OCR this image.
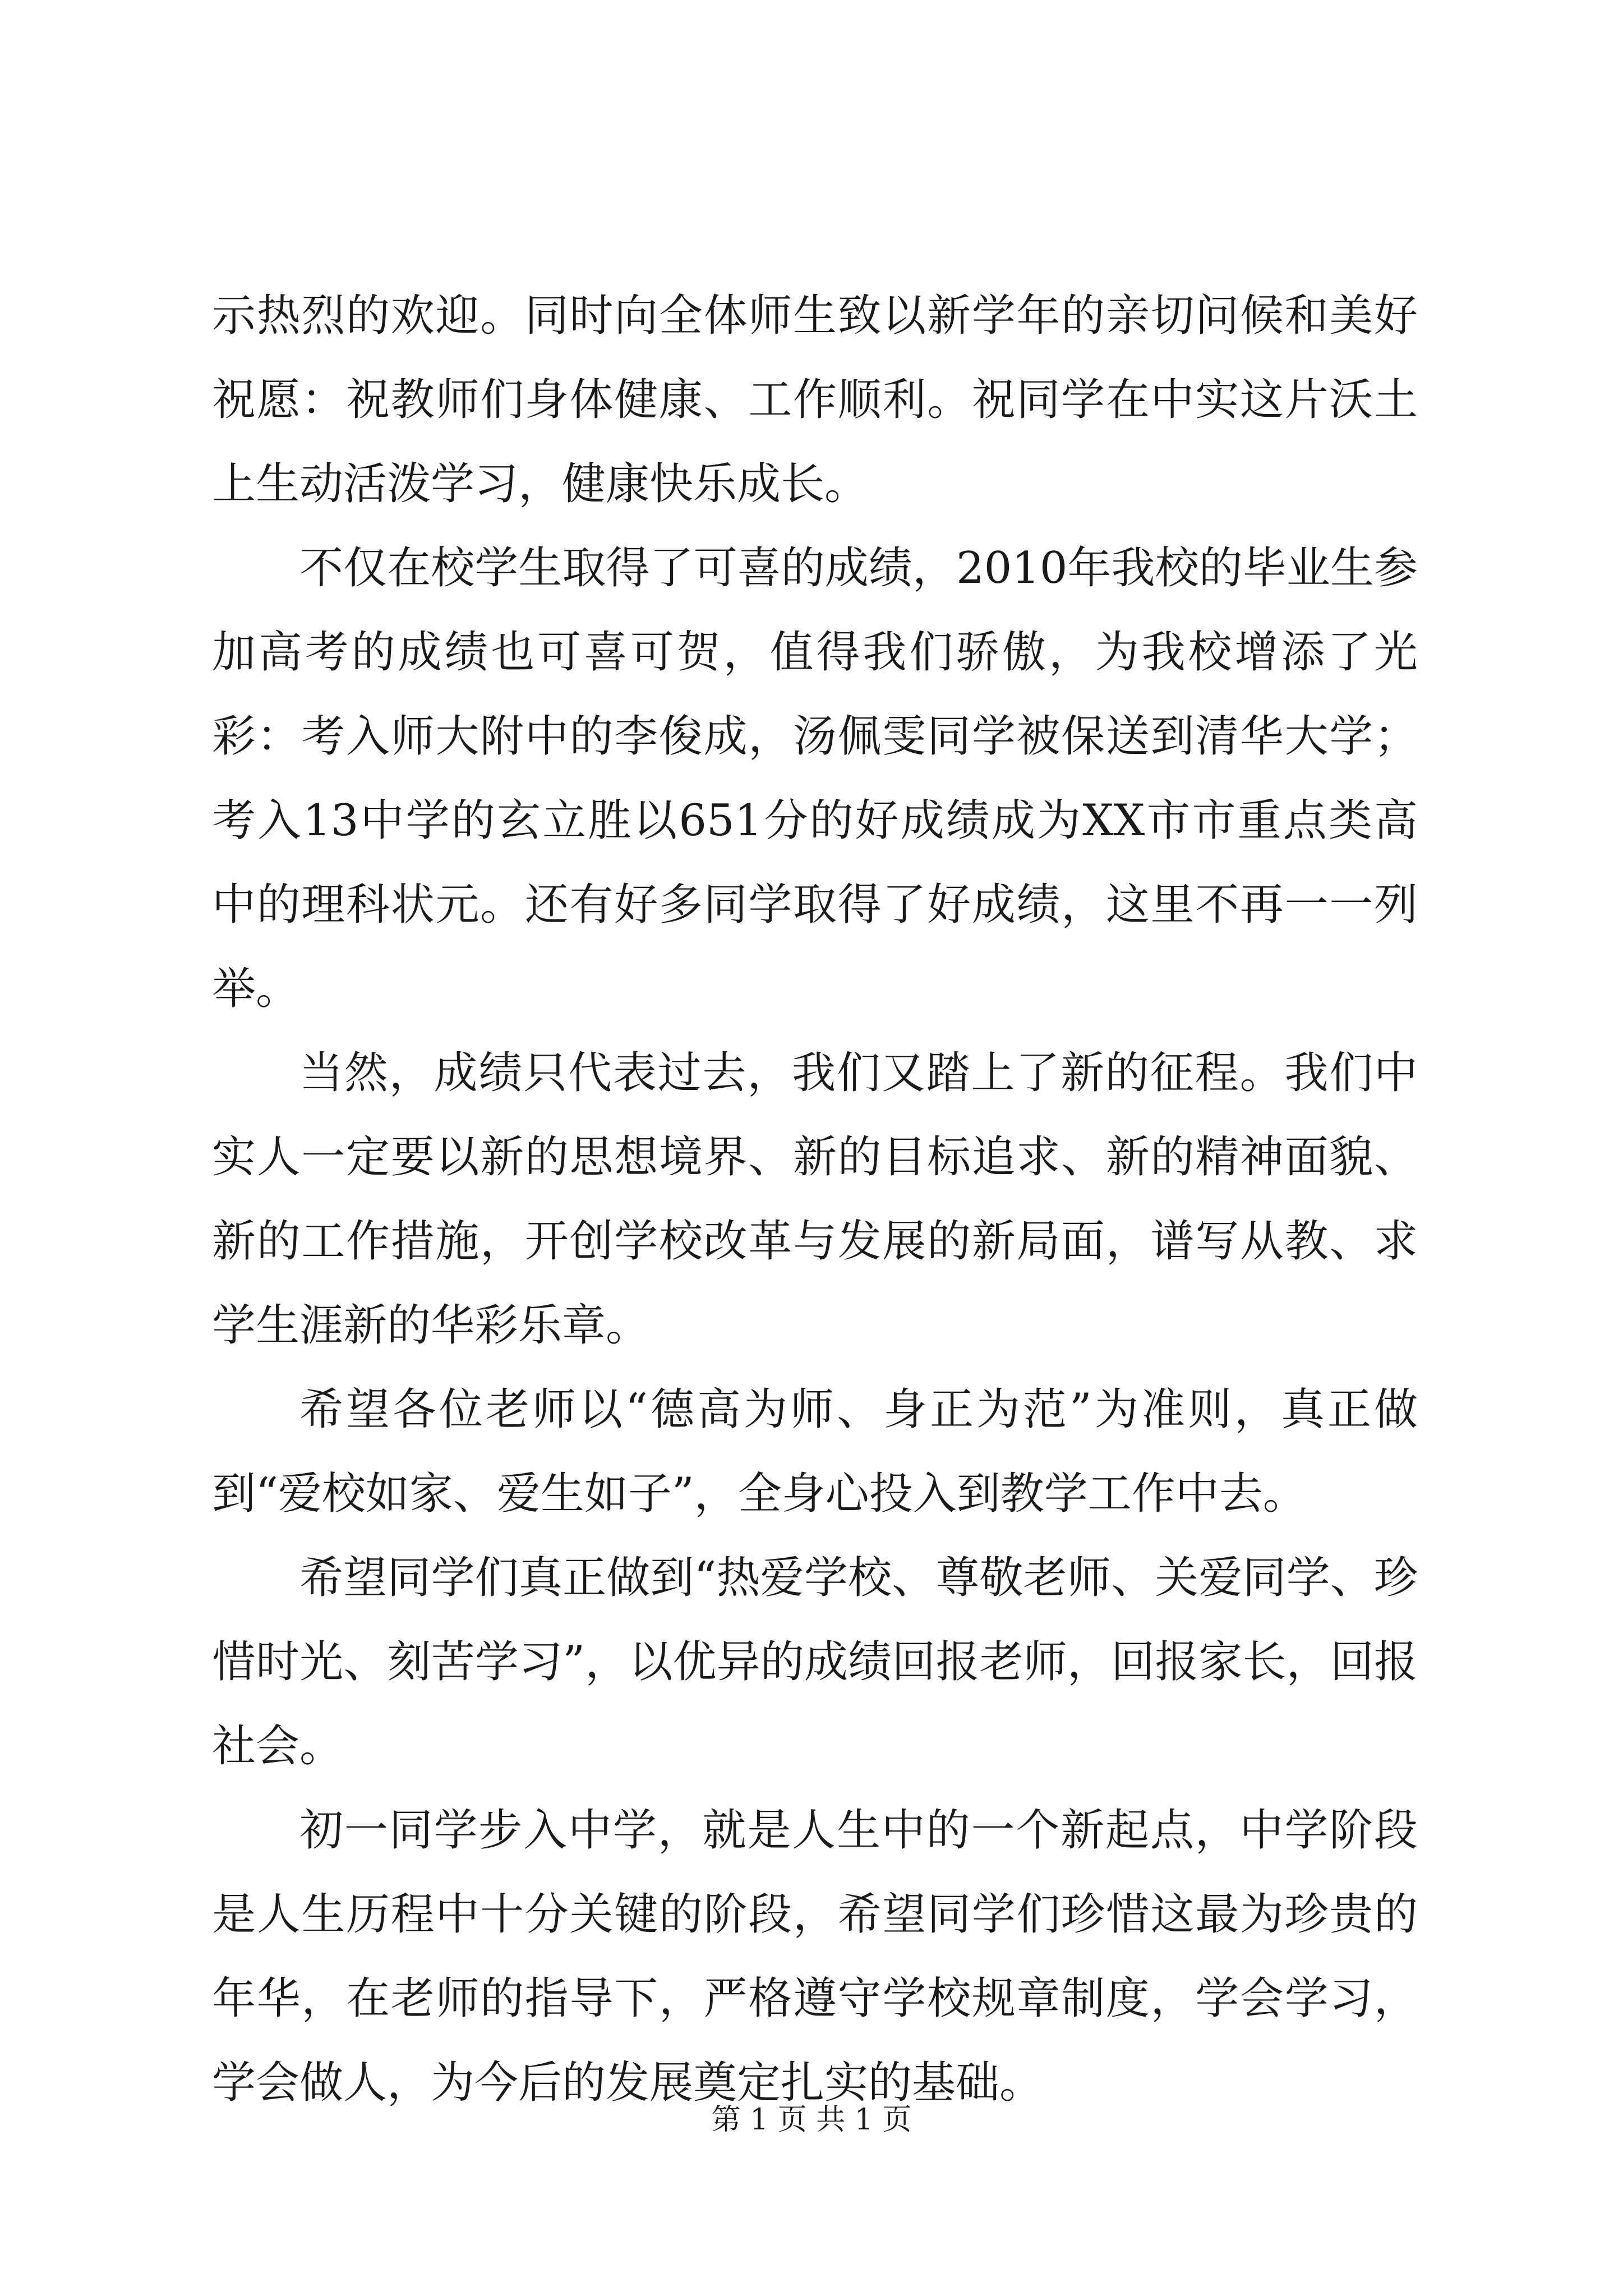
示热烈的欢迎。同时向全体师生致以新学年的亲切问候和美好祝愿：祝教师们身体健康、工作顺利。祝同学在中实这片沃土上生动活泼学习，健康快乐成长。

不仅在校学生取得了可喜的成绩，2010年我校的毕业生参加高考的成绩也可喜可贺，值得我们骄傲，为我校增添了光彩：考入师大附中的李俊成，汤佩雯同学被保送到清华大学；考入13中学的玄立胜以651分的好成绩成为XX市市重点类高中的理科状元。还有好多同学取得了好成绩，这里不再一一列举。

当然，成绩只代表过去，我们又踏上了新的征程。我们中实人一定要以新的思想境界、新的目标追求、新的精神面貌、新的工作措施，开创学校改革与发展的新局面，谱写从教、求学生涯新的华彩乐章。

希望各位老师以“德高为师、身正为范”为准则，真正做到“爱校如家、爱生如子”，全身心投入到教学工作中去。

希望同学们真正做到“热爱学校、尊敬老师、关爱同学、珍惜时光、刻苦学习”，以优异的成绩回报老师，回报家长，回报社会。

初一同学步入中学，就是人生中的一个新起点，中学阶段是人生历程中十分关键的阶段，希望同学们珍惜这最为珍贵的年华，在老师的指导下，严格遵守学校规章制度，学会学习，学会做人，为今后的发展奠定扎实的基础。

第 1 页 共 1 页
